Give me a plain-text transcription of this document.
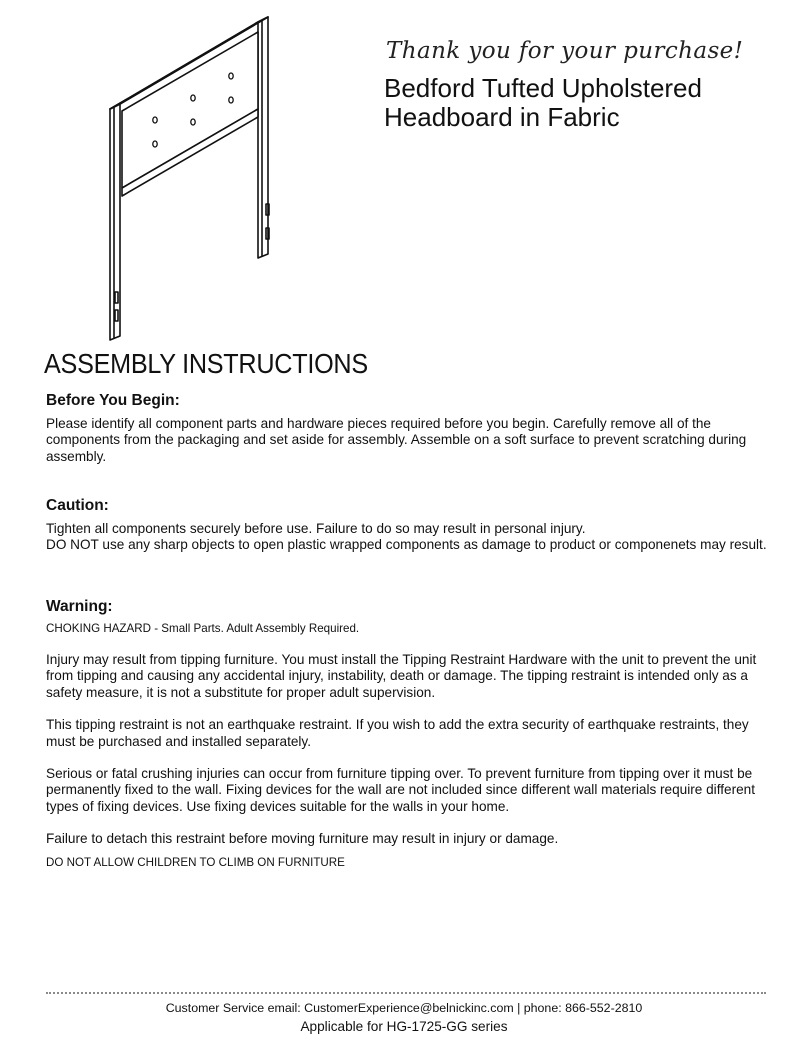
Thank you for your purchase!
Bedford Tufted Upholstered Headboard in Fabric
ASSEMBLY INSTRUCTIONS
Before You Begin:

Please identify all component parts and hardware pieces required before you begin. Carefully remove all of the components from the packaging and set aside for assembly. Assemble on a soft surface to prevent scratching during assembly.

Caution:

Tighten all components securely before use. Failure to do so may result in personal injury.

DO NOT use any sharp objects to open plastic wrapped components as damage to product or componenets may result.

Warning:

CHOKING HAZARD - Small Parts. Adult Assembly Required.

Injury may result from tipping furniture. You must install the Tipping Restraint Hardware with the unit to prevent the unit from tipping and causing any accidental injury, instability, death or damage. The tipping restraint is intended only as a safety measure, it is not a substitute for proper adult supervision.

This tipping restraint is not an earthquake restraint. If you wish to add the extra security of earthquake restraints, they must be purchased and installed separately.

Serious or fatal crushing injuries can occur from furniture tipping over. To prevent furniture from tipping over it must be permanently fixed to the wall. Fixing devices for the wall are not included since different wall materials require different types of fixing devices. Use fixing devices suitable for the walls in your home.

Failure to detach this restraint before moving furniture may result in injury or damage.

DO NOT ALLOW CHILDREN TO CLIMB ON FURNITURE

Customer Service email: CustomerExperience@belnickinc.com | phone: 866-552-2810
Applicable for HG-1725-GG series
